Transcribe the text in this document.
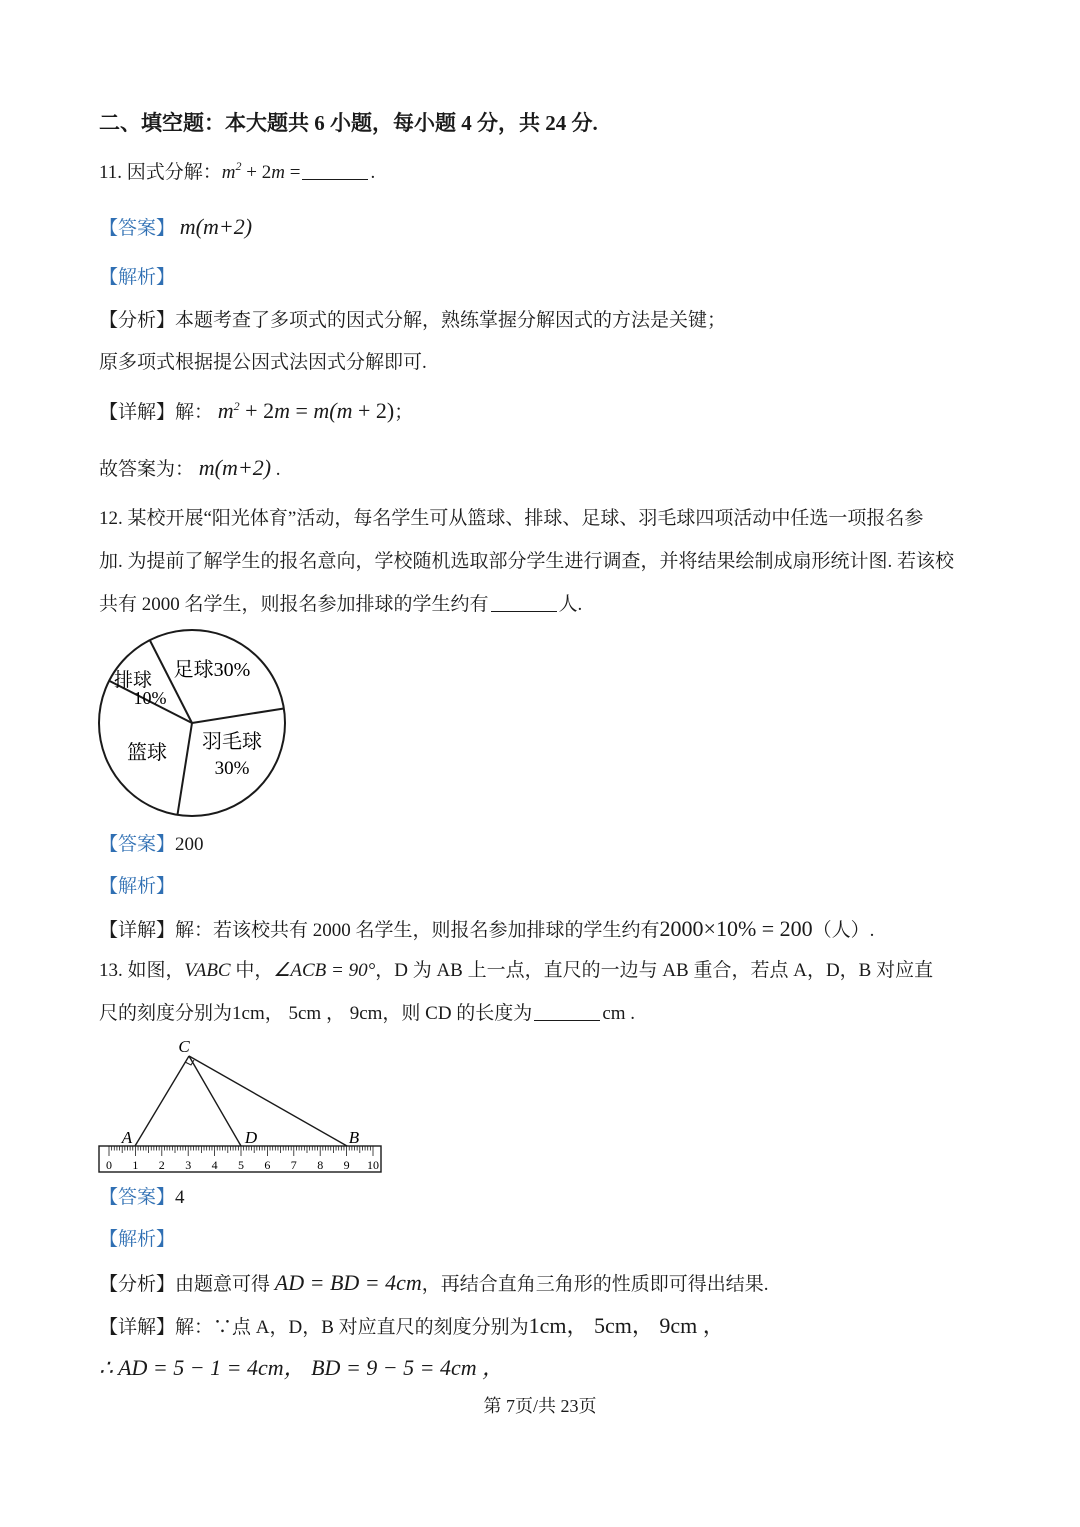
二、填空题：本大题共 6 小题，每小题 4 分，共 24 分.
11. 因式分解：$m^2 + 2m$ =	.
【答案】 m(m+2)
【解析】
【分析】本题考查了多项式的因式分解，熟练掌握分解因式的方法是关键；
原多项式根据提公因式法因式分解即可.
【详解】解： $m^2 + 2m = m(m + 2)$；
故答案为： m(m+2) .
12. 某校开展“阳光体育”活动，每名学生可从篮球、排球、足球、羽毛球四项活动中任选一项报名参
加. 为提前了解学生的报名意向，学校随机选取部分学生进行调查，并将结果绘制成扇形统计图. 若该校
共有 2000 名学生，则报名参加排球的学生约有	人.
足球30%
羽毛球
30%
篮球
排球
10%
【答案】200
【解析】
【详解】解：若该校共有 2000 名学生，则报名参加排球的学生约有2000×10% = 200（人）.
13. 如图，VABC 中，∠ACB = 90°，D 为 AB 上一点，直尺的一边与 AB 重合，若点 A，D，B 对应直
尺的刻度分别为1cm， 5cm ， 9cm，则 CD 的长度为	cm .
C
A	D	B
0 1 2 3 4 5 6 7 8 9 10
【答案】4
【解析】
【分析】由题意可得 AD = BD = 4cm，再结合直角三角形的性质即可得出结果.
【详解】解：∵点 A，D，B 对应直尺的刻度分别为1cm， 5cm， 9cm ，
∴ AD = 5 − 1 = 4cm， BD = 9 − 5 = 4cm ，
第 7页/共 23页
